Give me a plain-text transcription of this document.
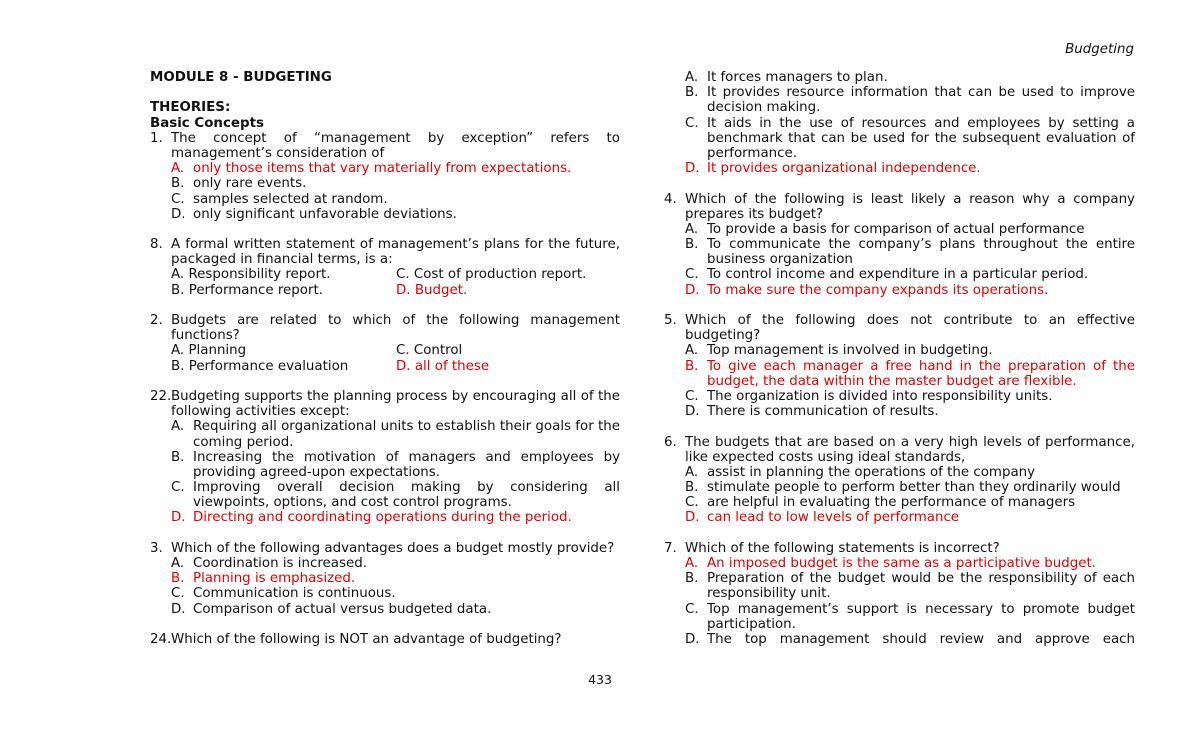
Budgeting
MODULE 8 - BUDGETING
THEORIES:
Basic Concepts
1. The concept of “management by exception” refers to
management’s consideration of
A. only those items that vary materially from expectations.
B. only rare events.
C. samples selected at random.
D. only significant unfavorable deviations.
8. A formal written statement of management’s plans for the future,
packaged in financial terms, is a:
A. Responsibility report.	C. Cost of production report.
B. Performance report.	D. Budget.
2. Budgets are related to which of the following management
functions?
A. Planning	C. Control
B. Performance evaluation	D. all of these
22. Budgeting supports the planning process by encouraging all of the
following activities except:
A. Requiring all organizational units to establish their goals for the
coming period.
B. Increasing the motivation of managers and employees by
providing agreed-upon expectations.
C. Improving overall decision making by considering all
viewpoints, options, and cost control programs.
D. Directing and coordinating operations during the period.
3. Which of the following advantages does a budget mostly provide?
A. Coordination is increased.
B. Planning is emphasized.
C. Communication is continuous.
D. Comparison of actual versus budgeted data.
24. Which of the following is NOT an advantage of budgeting?
A. It forces managers to plan.
B. It provides resource information that can be used to improve
decision making.
C. It aids in the use of resources and employees by setting a
benchmark that can be used for the subsequent evaluation of
performance.
D. It provides organizational independence.
4. Which of the following is least likely a reason why a company
prepares its budget?
A. To provide a basis for comparison of actual performance
B. To communicate the company’s plans throughout the entire
business organization
C. To control income and expenditure in a particular period.
D. To make sure the company expands its operations.
5. Which of the following does not contribute to an effective
budgeting?
A. Top management is involved in budgeting.
B. To give each manager a free hand in the preparation of the
budget, the data within the master budget are flexible.
C. The organization is divided into responsibility units.
D. There is communication of results.
6. The budgets that are based on a very high levels of performance,
like expected costs using ideal standards,
A. assist in planning the operations of the company
B. stimulate people to perform better than they ordinarily would
C. are helpful in evaluating the performance of managers
D. can lead to low levels of performance
7. Which of the following statements is incorrect?
A. An imposed budget is the same as a participative budget.
B. Preparation of the budget would be the responsibility of each
responsibility unit.
C. Top management’s support is necessary to promote budget
participation.
D. The top management should review and approve each
433
